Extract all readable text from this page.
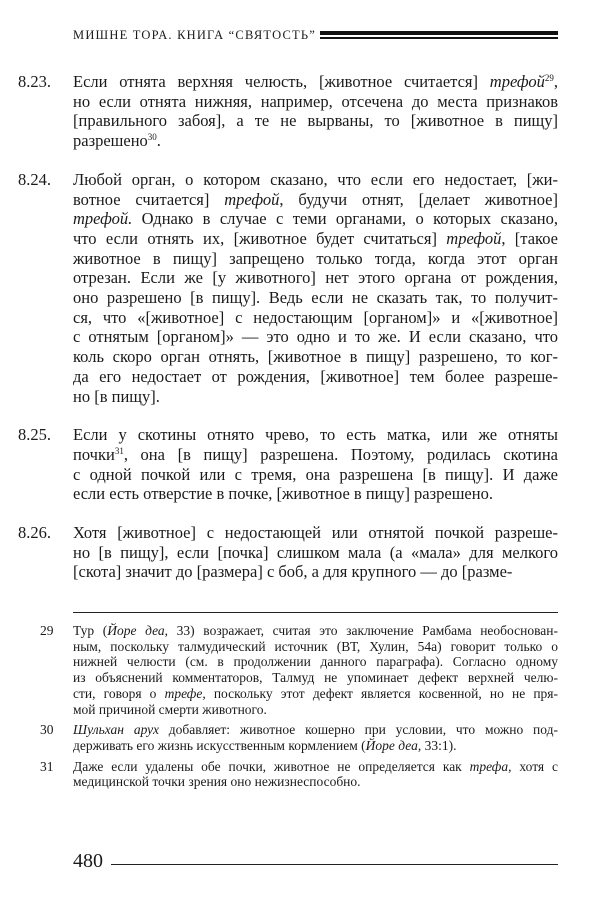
МИШНЕ ТОРА. КНИГА “СВЯТОСТЬ”
8.23. Если отнята верхняя челюсть, [животное считается] трефой$^{29}$,
но если отнята нижняя, например, отсечена до места признаков
[правильного забоя], а те не вырваны, то [животное в пищу]
разрешено$^{30}$.
8.24. Любой орган, о котором сказано, что если его недостает, [жи-
вотное считается] трефой, будучи отнят, [делает животное]
трефой. Однако в случае с теми органами, о которых сказано,
что если отнять их, [животное будет считаться] трефой, [такое
животное в пищу] запрещено только тогда, когда этот орган
отрезан. Если же [у животного] нет этого органа от рождения,
оно разрешено [в пищу]. Ведь если не сказать так, то получит-
ся, что «[животное] с недостающим [органом]» и «[животное]
с отнятым [органом]» — это одно и то же. И если сказано, что
коль скоро орган отнять, [животное в пищу] разрешено, то ког-
да его недостает от рождения, [животное] тем более разреше-
но [в пищу].
8.25. Если у скотины отнято чрево, то есть матка, или же отняты
почки$^{31}$, она [в пищу] разрешена. Поэтому, родилась скотина
с одной почкой или с тремя, она разрешена [в пищу]. И даже
если есть отверстие в почке, [животное в пищу] разрешено.
8.26. Хотя [животное] с недостающей или отнятой почкой разреше-
но [в пищу], если [почка] слишком мала (а «мала» для мелкого
[скота] значит до [размера] с боб, а для крупного — до [разме-
29 Тур (Йоре деа, 33) возражает, считая это заключение Рамбама необоснован-
ным, поскольку талмудический источник (ВТ, Хулин, 54а) говорит только о
нижней челюсти (см. в продолжении данного параграфа). Согласно одному
из объяснений комментаторов, Талмуд не упоминает дефект верхней челю-
сти, говоря о трефе, поскольку этот дефект является косвенной, но не пря-
мой причиной смерти животного.
30 Шульхан арух добавляет: животное кошерно при условии, что можно под-
держивать его жизнь искусственным кормлением (Йоре деа, 33:1).
31 Даже если удалены обе почки, животное не определяется как трефа, хотя с
медицинской точки зрения оно нежизнеспособно.
480
